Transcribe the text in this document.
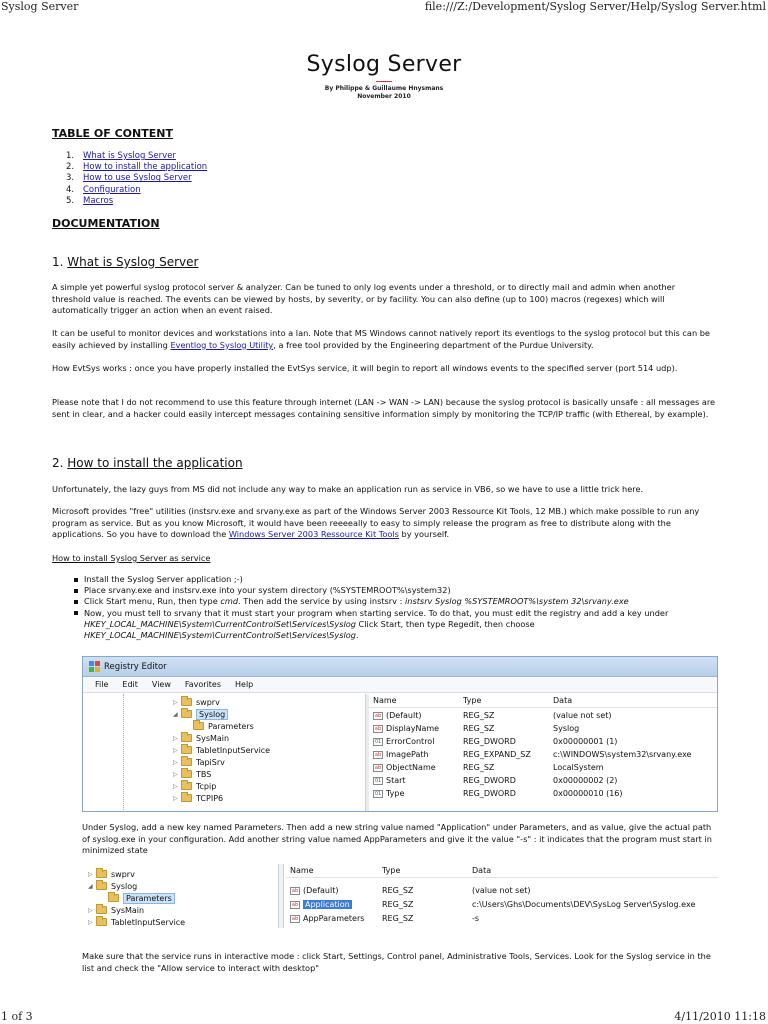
Syslog Server	file:///Z:/Development/Syslog Server/Help/Syslog Server.html
Syslog Server
By Philippe & Guillaume Hnysmans
November 2010
TABLE OF CONTENT
1. What is Syslog Server
2. How to install the application
3. How to use Syslog Server
4. Configuration
5. Macros
DOCUMENTATION
1. What is Syslog Server
A simple yet powerful syslog protocol server & analyzer. Can be tuned to only log events under a threshold, or to directly mail and admin when another threshold value is reached. The events can be viewed by hosts, by severity, or by facility. You can also define (up to 100) macros (regexes) which will automatically trigger an action when an event raised.
It can be useful to monitor devices and workstations into a lan. Note that MS Windows cannot natively report its eventlogs to the syslog protocol but this can be easily achieved by installing Eventlog to Syslog Utility, a free tool provided by the Engineering department of the Purdue University.
How EvtSys works : once you have properly installed the EvtSys service, it will begin to report all windows events to the specified server (port 514 udp).
Please note that I do not recommend to use this feature through internet (LAN -> WAN -> LAN) because the syslog protocol is basically unsafe : all messages are sent in clear, and a hacker could easily intercept messages containing sensitive information simply by monitoring the TCP/IP traffic (with Ethereal, by example).
2. How to install the application
Unfortunately, the lazy guys from MS did not include any way to make an application run as service in VB6, so we have to use a little trick here.
Microsoft provides "free" utilities (instsrv.exe and srvany.exe as part of the Windows Server 2003 Ressource Kit Tools, 12 MB.) which make possible to run any program as service. But as you know Microsoft, it would have been reeeeally to easy to simply release the program as free to distribute along with the applications. So you have to download the Windows Server 2003 Ressource Kit Tools by yourself.
How to install Syslog Server as service
Install the Syslog Server application ;-)
Place srvany.exe and instsrv.exe into your system directory (%SYSTEMROOT%\system32)
Click Start menu, Run, then type cmd. Then add the service by using instsrv : instsrv Syslog %SYSTEMROOT%\system 32\srvany.exe
Now, you must tell to srvany that it must start your program when starting service. To do that, you must edit the registry and add a key under HKEY_LOCAL_MACHINE\System\CurrentControlSet\Services\Syslog Click Start, then type Regedit, then choose HKEY_LOCAL_MACHINE\System\CurrentControlSet\Services\Syslog.
Registry Editor
File Edit View Favorites Help
▷	swprv
◢	Syslog
Parameters
▷	SysMain
▷	TabletInputService
▷	TapiSrv
▷	TBS
▷	Tcpip
▷	TCPIP6
Name	Type	Data
ab (Default)	REG_SZ	(value not set)
ab DisplayName	REG_SZ	Syslog
01 ErrorControl	REG_DWORD	0x00000001 (1)
ab ImagePath	REG_EXPAND_SZ	c:\WINDOWS\system32\srvany.exe
ab ObjectName	REG_SZ	LocalSystem
01 Start	REG_DWORD	0x00000002 (2)
01 Type	REG_DWORD	0x00000010 (16)
Under Syslog, add a new key named Parameters. Then add a new string value named "Application" under Parameters, and as value, give the actual path of syslog.exe in your configuration. Add another string value named AppParameters and give it the value "-s" : it indicates that the program must start in minimized state
▷	swprv
◢	Syslog
Parameters
▷	SysMain
▷	TabletInputService
Name	Type	Data
ab (Default)	REG_SZ	(value not set)
ab Application	REG_SZ	c:\Users\Ghs\Documents\DEV\SysLog Server\Syslog.exe
ab AppParameters REG_SZ	-s
Make sure that the service runs in interactive mode : click Start, Settings, Control panel, Administrative Tools, Services. Look for the Syslog service in the list and check the "Allow service to interact with desktop"
1 of 3	4/11/2010 11:18
